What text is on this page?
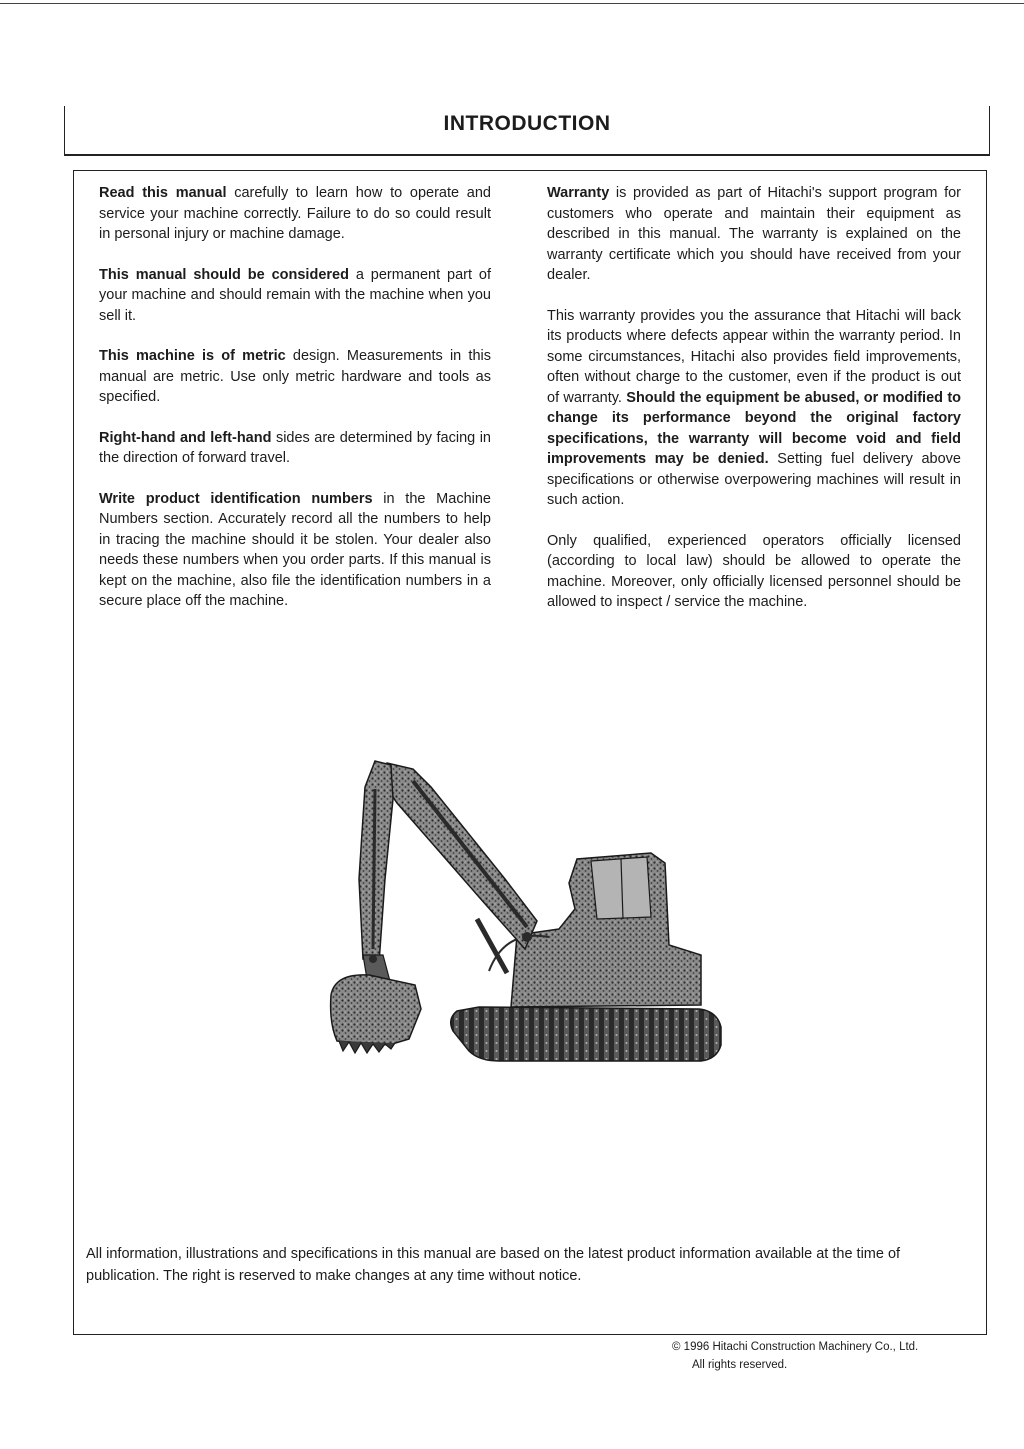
INTRODUCTION

Read this manual carefully to learn how to operate and service your machine correctly. Failure to do so could result in personal injury or machine damage.

This manual should be considered a permanent part of your machine and should remain with the machine when you sell it.

This machine is of metric design. Measurements in this manual are metric. Use only metric hardware and tools as specified.

Right-hand and left-hand sides are determined by facing in the direction of forward travel.

Write product identification numbers in the Machine Numbers section. Accurately record all the numbers to help in tracing the machine should it be stolen. Your dealer also needs these numbers when you order parts. If this manual is kept on the machine, also file the identification numbers in a secure place off the machine.

Warranty is provided as part of Hitachi's support program for customers who operate and maintain their equipment as described in this manual. The warranty is explained on the warranty certificate which you should have received from your dealer.

This warranty provides you the assurance that Hitachi will back its products where defects appear within the warranty period. In some circumstances, Hitachi also provides field improvements, often without charge to the customer, even if the product is out of warranty. Should the equipment be abused, or modified to change its performance beyond the original factory specifications, the warranty will become void and field improvements may be denied. Setting fuel delivery above specifications or otherwise overpowering machines will result in such action.

Only qualified, experienced operators officially licensed (according to local law) should be allowed to operate the machine. Moreover, only officially licensed personnel should be allowed to inspect / service the machine.

All information, illustrations and specifications in this manual are based on the latest product information available at the time of publication. The right is reserved to make changes at any time without notice.
© 1996 Hitachi Construction Machinery Co., Ltd.
All rights reserved.
